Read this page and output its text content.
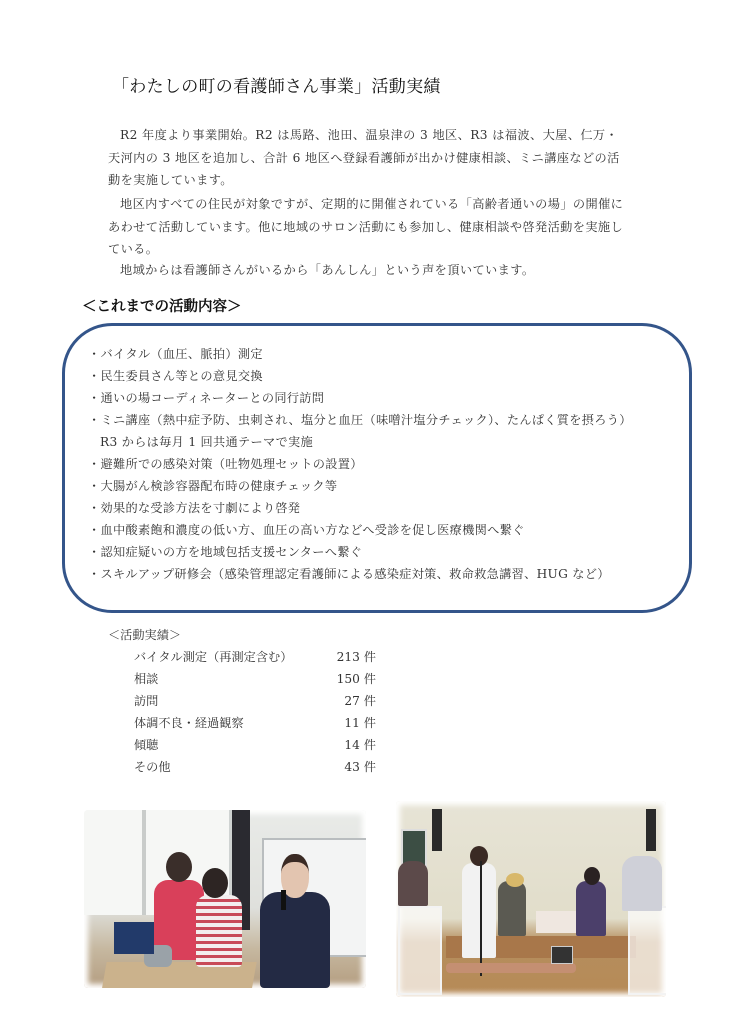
「わたしの町の看護師さん事業」活動実績

R2 年度より事業開始。R2 は馬路、池田、温泉津の 3 地区、R3 は福波、大屋、仁万・天河内の 3 地区を追加し、合計 6 地区へ登録看護師が出かけ健康相談、ミニ講座などの活動を実施しています。

地区内すべての住民が対象ですが、定期的に開催されている「高齢者通いの場」の開催にあわせて活動しています。他に地域のサロン活動にも参加し、健康相談や啓発活動を実施している。

地域からは看護師さんがいるから「あんしん」という声を頂いています。

＜これまでの活動内容＞
・バイタル（血圧、脈拍）測定
・民生委員さん等との意見交換
・通いの場コーディネーターとの同行訪問
・ミニ講座（熱中症予防、虫刺され、塩分と血圧（味噌汁塩分チェック）、たんぱく質を摂ろう）
R3 からは毎月 1 回共通テーマで実施
・避難所での感染対策（吐物処理セットの設置）
・大腸がん検診容器配布時の健康チェック等
・効果的な受診方法を寸劇により啓発
・血中酸素飽和濃度の低い方、血圧の高い方などへ受診を促し医療機関へ繋ぐ
・認知症疑いの方を地域包括支援センターへ繋ぐ
・スキルアップ研修会（感染管理認定看護師による感染症対策、救命救急講習、HUG など）
＜活動実績＞
バイタル測定（再測定含む）	213 件
相談	150 件
訪問	27 件
体調不良・経過観察	11 件
傾聴	14 件
その他	43 件
